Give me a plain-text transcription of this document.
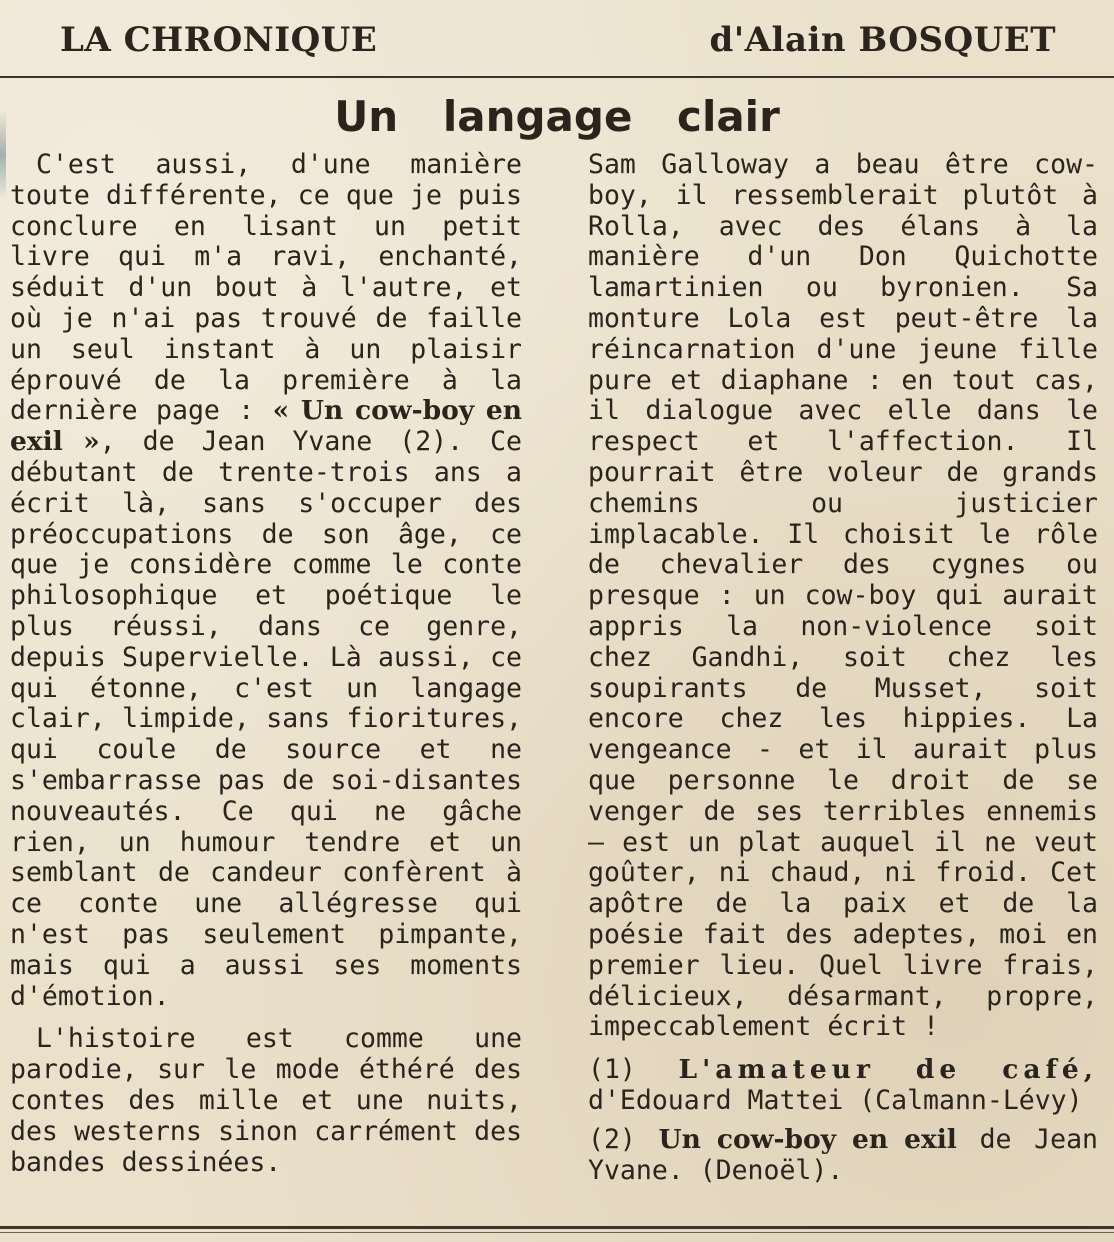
LA CHRONIQUE	d'Alain BOSQUET
Un langage clair

C'est aussi, d'une manière toute différente, ce que je puis conclure en lisant un petit livre qui m'a ravi, enchanté, séduit d'un bout à l'autre, et où je n'ai pas trouvé de faille un seul instant à un plaisir éprouvé de la première à la dernière page : « Un cow-boy en exil », de Jean Yvane (2). Ce débutant de trente-trois ans a écrit là, sans s'occuper des préoccupations de son âge, ce que je considère comme le conte philosophique et poétique le plus réussi, dans ce genre, depuis Supervielle. Là aussi, ce qui étonne, c'est un langage clair, limpide, sans fioritures, qui coule de source et ne s'embarrasse pas de soi-disantes nouveautés. Ce qui ne gâche rien, un humour tendre et un semblant de candeur confèrent à ce conte une allégresse qui n'est pas seulement pimpante, mais qui a aussi ses moments d'émotion.

L'histoire est comme une parodie, sur le mode éthéré des contes des mille et une nuits, des westerns sinon carrément des bandes dessinées.

Sam Galloway a beau être cow-boy, il ressemblerait plutôt à Rolla, avec des élans à la manière d'un Don Quichotte lamartinien ou byronien. Sa monture Lola est peut-être la réincarnation d'une jeune fille pure et diaphane : en tout cas, il dialogue avec elle dans le respect et l'affection. Il pourrait être voleur de grands chemins ou justicier implacable. Il choisit le rôle de chevalier des cygnes ou presque : un cow-boy qui aurait appris la non-violence soit chez Gandhi, soit chez les soupirants de Musset, soit encore chez les hippies. La vengeance - et il aurait plus que personne le droit de se venger de ses terribles ennemis — est un plat auquel il ne veut goûter, ni chaud, ni froid. Cet apôtre de la paix et de la poésie fait des adeptes, moi en premier lieu. Quel livre frais, délicieux, désarmant, propre, impeccablement écrit !

(1) L'amateur de café, d'Edouard Mattei (Calmann-Lévy)

(2) Un cow-boy en exil de Jean Yvane. (Denoël).
